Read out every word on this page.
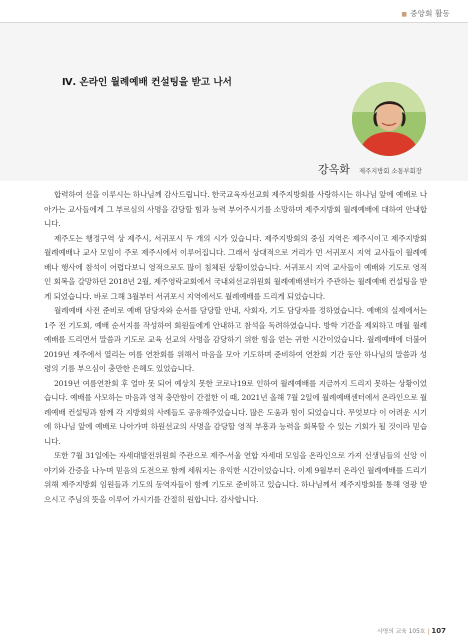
■ 중앙회 활동
Ⅳ. 온라인 월례예배 컨설팅을 받고 나서
강옥화 제주지방회 소통부회장

합력하여 선을 이루시는 하나님께 감사드립니다. 한국교육자선교회 제주지방회를 사랑하시는 하나님 앞에 예배로 나아가는 교사들에게 그 부르심의 사명을 감당할 힘과 능력 부어주시기를 소망하며 제주지방회 월례예배에 대하여 안내합니다.

제주도는 행정구역 상 제주시, 서귀포시 두 개의 시가 있습니다. 제주지방회의 중심 지역은 제주시이고 제주지방회 월례예배나 교사 모임이 주로 제주시에서 이루어집니다. 그래서 상대적으로 거리가 먼 서귀포시 지역 교사들이 월례예배나 행사에 참석이 어렵다보니 영적으로도 많이 침체된 상황이었습니다. 서귀포시 지역 교사들이 예배와 기도로 영적인 회복을 갈망하던 2018년 2월, 제주영락교회에서 국내외선교위원회 월례예배센터가 주관하는 월례예배 컨설팅을 받게 되었습니다. 바로 그해 3월부터 서귀포시 지역에서도 월례예배를 드리게 되었습니다.

월례예배 사전 준비로 예배 담당자와 순서를 담당할 안내, 사회자, 기도 담당자를 정하였습니다. 예배의 실제에서는 1주 전 기도회, 예배 순서지를 작성하여 회원들에게 안내하고 참석을 독려하였습니다. 방학 기간을 제외하고 매월 월례예배를 드리면서 말씀과 기도로 교육 선교의 사명을 감당하기 위한 힘을 얻는 귀한 시간이었습니다. 월례예배에 더불어 2019년 제주에서 열리는 여름 연찬회를 위해서 마음을 모아 기도하며 준비하여 연찬회 기간 동안 하나님의 말씀과 성령의 기름 부으심이 충만한 은혜도 있었습니다.

2019년 여름연찬회 후 얼마 못 되어 예상치 못한 코로나19로 인하여 월례예배를 지금까지 드리지 못하는 상황이었습니다. 예배를 사모하는 마음과 영적 충만함이 간절한 이 때, 2021년 올해 7월 2일에 월례예배센터에서 온라인으로 월례예배 컨설팅과 함께 각 지방회의 사례들도 공유해주었습니다. 많은 도움과 힘이 되었습니다. 무엇보다 이 어려운 시기에 하나님 앞에 예배로 나아가며 하원선교의 사명을 감당할 영적 부흥과 능력을 회복할 수 있는 기회가 될 것이라 믿습니다.

또한 7월 31일에는 자세대발전위원회 주관으로 제주-서울 연합 자세대 모임을 온라인으로 가져 선생님들의 신앙 이야기와 간증을 나누며 믿음의 도전으로 함께 세워지는 유익한 시간이었습니다. 이제 9월부터 온라인 월례예배를 드리기 위해 제주지방회 임원들과 기도의 동역자들이 함께 기도로 준비하고 있습니다. 하나님께서 제주지방회를 통해 영광 받으시고 주님의 뜻을 이루어 가시기를 간절히 원합니다. 감사합니다.

사명의 교육 105호 | 107
